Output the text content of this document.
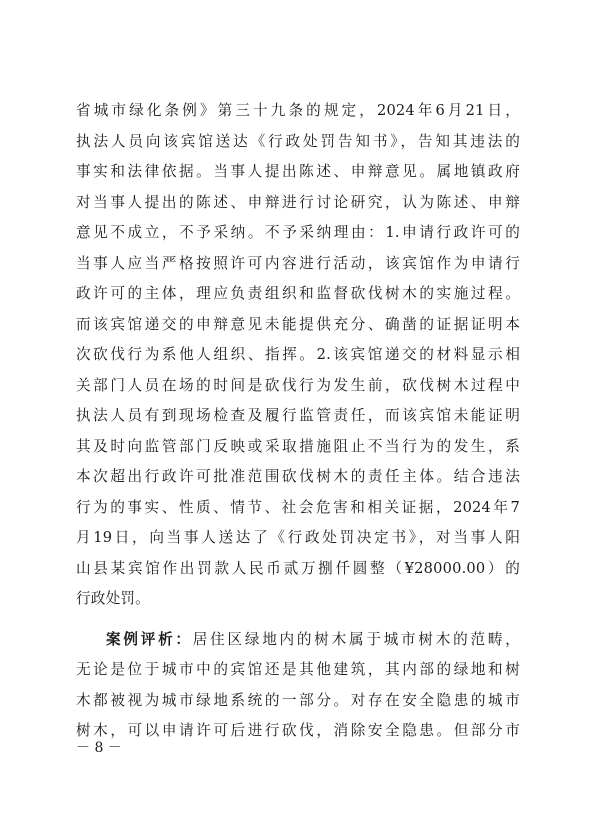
省城市绿化条例》第三十九条的规定，2024年6月21日，
执法人员向该宾馆送达《行政处罚告知书》，告知其违法的
事实和法律依据。当事人提出陈述、申辩意见。属地镇政府
对当事人提出的陈述、申辩进行讨论研究，认为陈述、申辩
意见不成立，不予采纳。不予采纳理由：1.申请行政许可的
当事人应当严格按照许可内容进行活动，该宾馆作为申请行
政许可的主体，理应负责组织和监督砍伐树木的实施过程。
而该宾馆递交的申辩意见未能提供充分、确凿的证据证明本
次砍伐行为系他人组织、指挥。2.该宾馆递交的材料显示相
关部门人员在场的时间是砍伐行为发生前，砍伐树木过程中
执法人员有到现场检查及履行监管责任，而该宾馆未能证明
其及时向监管部门反映或采取措施阻止不当行为的发生，系
本次超出行政许可批准范围砍伐树木的责任主体。结合违法
行为的事实、性质、情节、社会危害和相关证据，2024年7
月19日，向当事人送达了《行政处罚决定书》，对当事人阳
山县某宾馆作出罚款人民币贰万捌仟圆整（¥28000.00）的
行政处罚。
案例评析：居住区绿地内的树木属于城市树木的范畴，
无论是位于城市中的宾馆还是其他建筑，其内部的绿地和树
木都被视为城市绿地系统的一部分。对存在安全隐患的城市
树木，可以申请许可后进行砍伐，消除安全隐患。但部分市
－ 8 －
